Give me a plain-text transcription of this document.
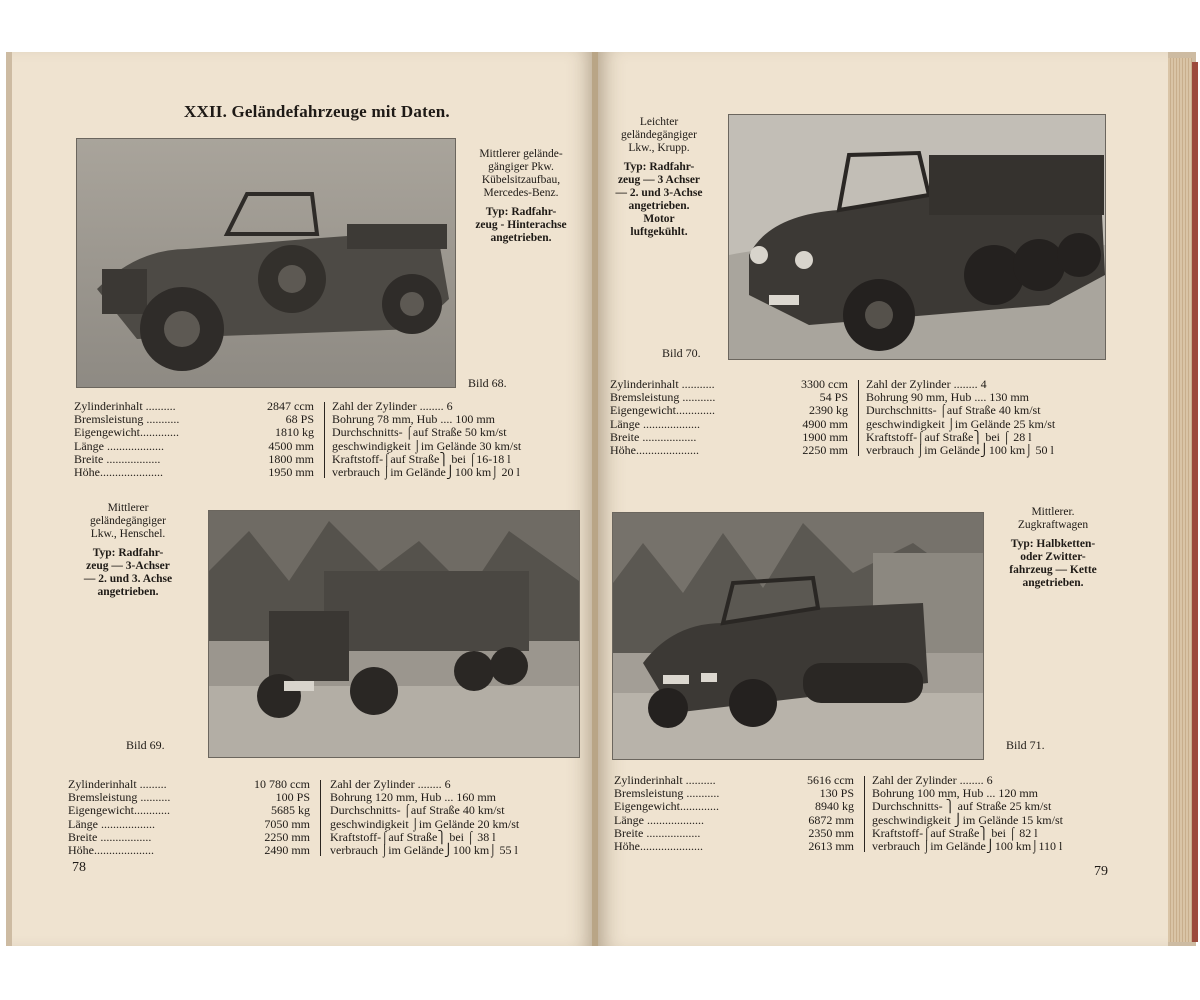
XXII. Geländefahrzeuge mit Daten.
Mittlerer gelände-
gängiger Pkw.
Kübelsitzaufbau,
Mercedes-Benz.
Typ: Radfahr-
zeug - Hinterachse
angetrieben.
Bild 68.
Zylinderinhalt ..........	2847 ccm
Bremsleistung ...........	68 PS
Eigengewicht.............	1810 kg
Länge ...................	4500 mm
Breite ..................	1800 mm
Höhe.....................	1950 mm
Zahl der Zylinder ........ 6
Bohrung 78 mm, Hub .... 100 mm
Durchschnitts- ⌠auf Straße 50 km/st
geschwindigkeit ⌡im Gelände 30 km/st
Kraftstoff-⌠auf Straße⎫ bei ⌠16-18 l
verbrauch ⌡im Gelände⎭100 km⌡ 20 l
Mittlerer
geländegängiger
Lkw., Henschel.
Typ: Radfahr-
zeug — 3-Achser
— 2. und 3. Achse
angetrieben.
Bild 69.
Zylinderinhalt .........	10 780 ccm
Bremsleistung ..........	100 PS
Eigengewicht............	5685 kg
Länge ..................	7050 mm
Breite .................	2250 mm
Höhe....................	2490 mm
Zahl der Zylinder ........ 6
Bohrung 120 mm, Hub ... 160 mm
Durchschnitts- ⌠auf Straße 40 km/st
geschwindigkeit ⌡im Gelände 20 km/st
Kraftstoff-⌠auf Straße⎫ bei ⌠ 38 l
verbrauch ⌡im Gelände⎭100 km⌡ 55 l
78
Leichter
geländegängiger
Lkw., Krupp.
Typ: Radfahr-
zeug — 3 Achser
— 2. und 3-Achse
angetrieben.
Motor
luftgekühlt.
Bild 70.
Zylinderinhalt ...........	3300 ccm
Bremsleistung ...........	54 PS
Eigengewicht.............	2390 kg
Länge ...................	4900 mm
Breite ..................	1900 mm
Höhe.....................	2250 mm
Zahl der Zylinder ........ 4
Bohrung 90 mm, Hub .... 130 mm
Durchschnitts- ⌠auf Straße 40 km/st
geschwindigkeit ⌡im Gelände 25 km/st
Kraftstoff-⌠auf Straße⎫ bei ⌠ 28 l
verbrauch ⌡im Gelände⎭100 km⌡ 50 l
Mittlerer.
Zugkraftwagen
Typ: Halbketten-
oder Zwitter-
fahrzeug — Kette
angetrieben.
Bild 71.
Zylinderinhalt ..........	5616 ccm
Bremsleistung ...........	130 PS
Eigengewicht.............	8940 kg
Länge ...................	6872 mm
Breite ..................	2350 mm
Höhe.....................	2613 mm
Zahl der Zylinder ........ 6
Bohrung 100 mm, Hub ... 120 mm
Durchschnitts- ⎫ auf Straße 25 km/st
geschwindigkeit ⎭im Gelände 15 km/st
Kraftstoff-⌠auf Straße⎫ bei ⌠ 82 l
verbrauch ⌡im Gelände⎭100 km⌡110 l
79
